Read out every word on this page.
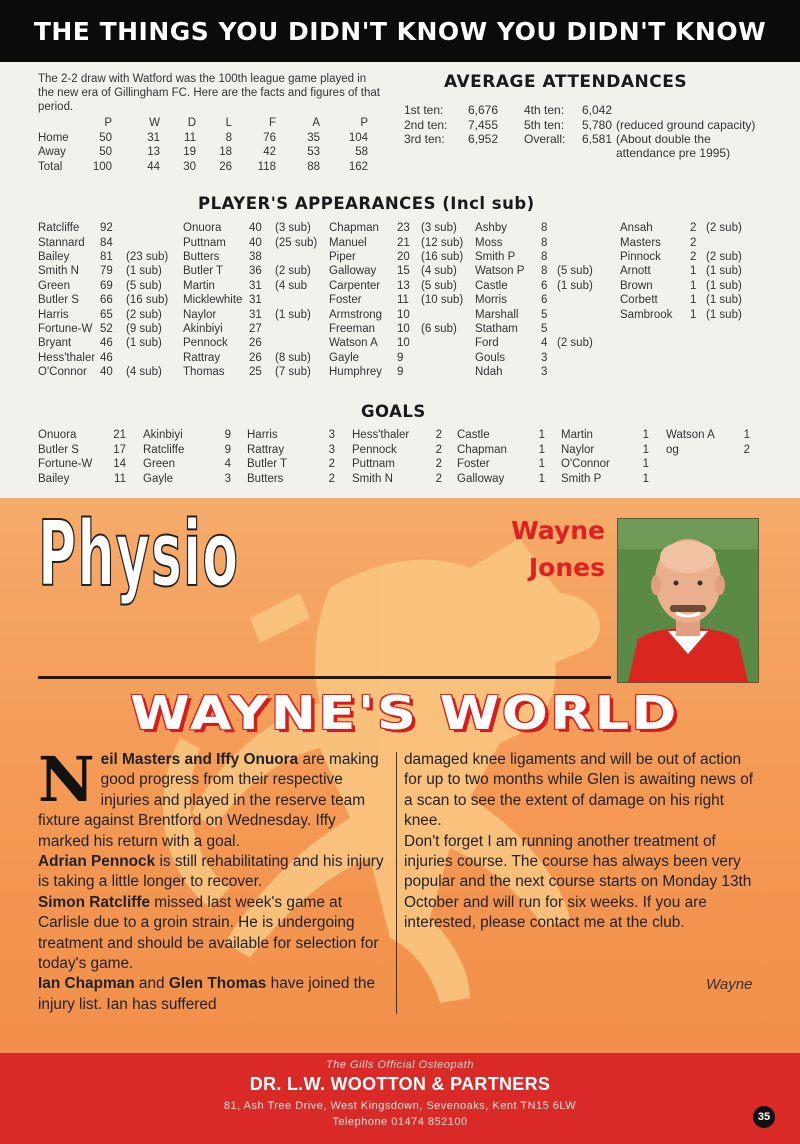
THE THINGS YOU DIDN'T KNOW YOU DIDN'T KNOW
The 2-2 draw with Watford was the 100th league game played in the new era of Gillingham FC. Here are the facts and figures of that period.
	P	W	D	L	F	A	P
Home	50	31	11	8	76	35	104
Away	50	13	19	18	42	53	58
Total	100	44	30	26	118	88	162
AVERAGE ATTENDANCES
1st ten:	6,676	4th ten:	6,042	
2nd ten:	7,455	5th ten:	5,780	(reduced ground capacity)
3rd ten:	6,952	Overall:	6,581	(About double the attendance pre 1995)
PLAYER'S APPEARANCES (Incl sub)
Ratcliffe	92	
Stannard	84	
Bailey	81	(23 sub)
Smith N	79	(1 sub)
Green	69	(5 sub)
Butler S	66	(16 sub)
Harris	65	(2 sub)
Fortune-W	52	(9 sub)
Bryant	46	(1 sub)
Hess'thaler	46	
O'Connor	40	(4 sub)
Onuora	40	(3 sub)
Puttnam	40	(25 sub)
Butters	38	
Butler T	36	(2 sub)
Martin	31	(4 sub
Micklewhite	31	
Naylor	31	(1 sub)
Akinbiyi	27	
Pennock	26	
Rattray	26	(8 sub)
Thomas	25	(7 sub)
Chapman	23	(3 sub)
Manuel	21	(12 sub)
Piper	20	(16 sub)
Galloway	15	(4 sub)
Carpenter	13	(5 sub)
Foster	11	(10 sub)
Armstrong	10	
Freeman	10	(6 sub)
Watson A	10	
Gayle	9	
Humphrey	9	
Ashby	8	
Moss	8	
Smith P	8	
Watson P	8	(5 sub)
Castle	6	(1 sub)
Morris	6	
Marshall	5	
Statham	5	
Ford	4	(2 sub)
Gouls	3	
Ndah	3	
Ansah	2	(2 sub)
Masters	2	
Pinnock	2	(2 sub)
Arnott	1	(1 sub)
Brown	1	(1 sub)
Corbett	1	(1 sub)
Sambrook	1	(1 sub)
GOALS
Onuora	21
Butler S	17
Fortune-W	14
Bailey	11
Akinbiyi	9
Ratcliffe	9
Green	4
Gayle	3
Harris	3
Rattray	3
Butler T	2
Butters	2
Hess'thaler	2
Pennock	2
Puttnam	2
Smith N	2
Castle	1
Chapman	1
Foster	1
Galloway	1
Martin	1
Naylor	1
O'Connor	1
Smith P	1
Watson A	1
og	2
Physio	Wayne
Jones
WAYNE'S WORLD

Neil Masters and Iffy Onuora are making good progress from their respective injuries and played in the reserve team fixture against Brentford on Wednesday. Iffy marked his return with a goal.

Adrian Pennock is still rehabilitating and his injury is taking a little longer to recover.

Simon Ratcliffe missed last week's game at Carlisle due to a groin strain. He is undergoing treatment and should be available for selection for today's game.

Ian Chapman and Glen Thomas have joined the injury list. Ian has suffered

damaged knee ligaments and will be out of action for up to two months while Glen is awaiting news of a scan to see the extent of damage on his right knee.

Don't forget I am running another treatment of injuries course. The course has always been very popular and the next course starts on Monday 13th October and will run for six weeks. If you are interested, please contact me at the club.

Wayne
The Gills Official Osteopath
DR. L.W. WOOTTON & PARTNERS
81, Ash Tree Drive, West Kingsdown, Sevenoaks, Kent TN15 6LW
Telephone 01474 852100	35
